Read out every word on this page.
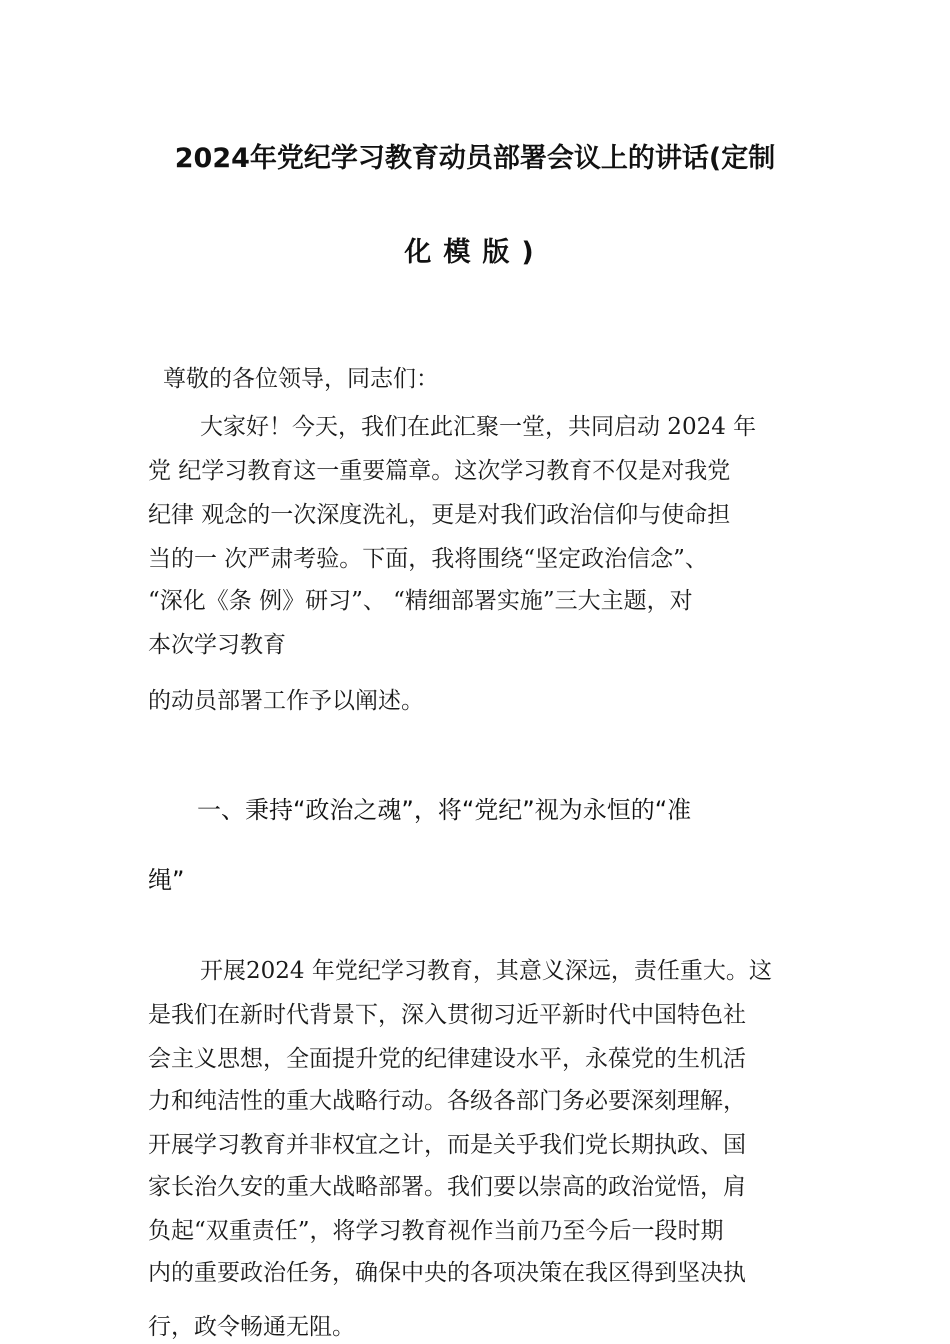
2024年党纪学习教育动员部署会议上的讲话(定制
化模版)
尊敬的各位领导，同志们：
大家好！今天，我们在此汇聚一堂，共同启动 2024 年
党 纪学习教育这一重要篇章。这次学习教育不仅是对我党
纪律 观念的一次深度洗礼，更是对我们政治信仰与使命担
当的一 次严肃考验。下面，我将围绕“坚定政治信念”、
“深化《条 例》研习”、 “精细部署实施”三大主题，对
本次学习教育
的动员部署工作予以阐述。
一、秉持“政治之魂”，将“党纪”视为永恒的“准
绳”
开展2024 年党纪学习教育，其意义深远，责任重大。这
是我们在新时代背景下，深入贯彻习近平新时代中国特色社
会主义思想，全面提升党的纪律建设水平，永葆党的生机活
力和纯洁性的重大战略行动。各级各部门务必要深刻理解，
开展学习教育并非权宜之计，而是关乎我们党长期执政、国
家长治久安的重大战略部署。我们要以崇高的政治觉悟，肩
负起“双重责任”，将学习教育视作当前乃至今后一段时期
内的重要政治任务，确保中央的各项决策在我区得到坚决执
行，政令畅通无阻。
